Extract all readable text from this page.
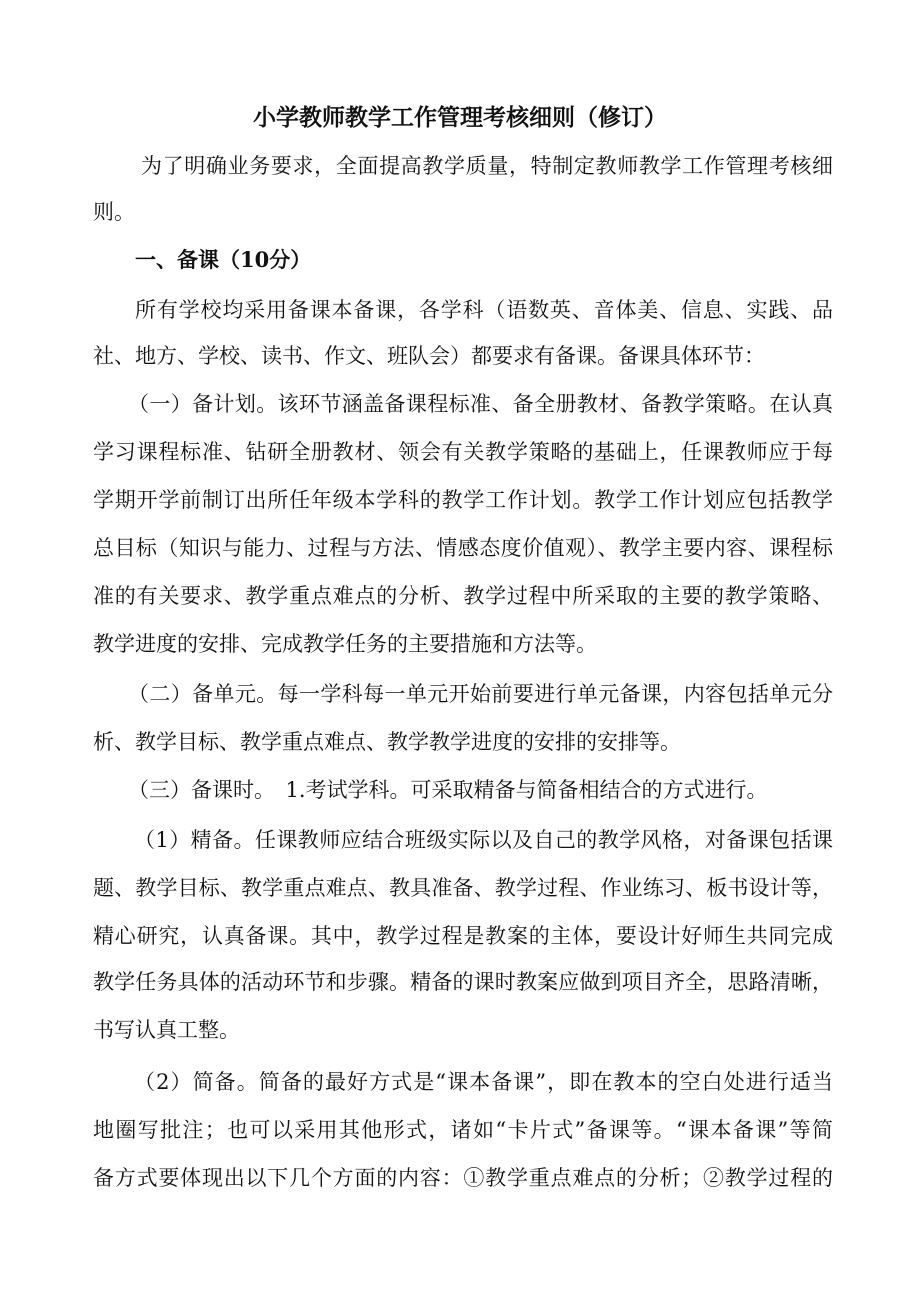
小学教师教学工作管理考核细则（修订）
为了明确业务要求，全面提高教学质量，特制定教师教学工作管理考核细
则。
一、备课（10分）
所有学校均采用备课本备课，各学科（语数英、音体美、信息、实践、品
社、地方、学校、读书、作文、班队会）都要求有备课。备课具体环节：
（一）备计划。该环节涵盖备课程标准、备全册教材、备教学策略。在认真
学习课程标准、钻研全册教材、领会有关教学策略的基础上，任课教师应于每
学期开学前制订出所任年级本学科的教学工作计划。教学工作计划应包括教学
总目标（知识与能力、过程与方法、情感态度价值观）、教学主要内容、课程标
准的有关要求、教学重点难点的分析、教学过程中所采取的主要的教学策略、
教学进度的安排、完成教学任务的主要措施和方法等。
（二）备单元。每一学科每一单元开始前要进行单元备课，内容包括单元分
析、教学目标、教学重点难点、教学教学进度的安排的安排等。
（三）备课时。　1.考试学科。可采取精备与简备相结合的方式进行。
（1）精备。任课教师应结合班级实际以及自己的教学风格，对备课包括课
题、教学目标、教学重点难点、教具准备、教学过程、作业练习、板书设计等，
精心研究，认真备课。其中，教学过程是教案的主体，要设计好师生共同完成
教学任务具体的活动环节和步骤。精备的课时教案应做到项目齐全，思路清晰，
书写认真工整。
（2）简备。简备的最好方式是“课本备课”，即在教本的空白处进行适当
地圈写批注；也可以采用其他形式，诸如“卡片式”备课等。“课本备课”等简
备方式要体现出以下几个方面的内容：①教学重点难点的分析；②教学过程的
